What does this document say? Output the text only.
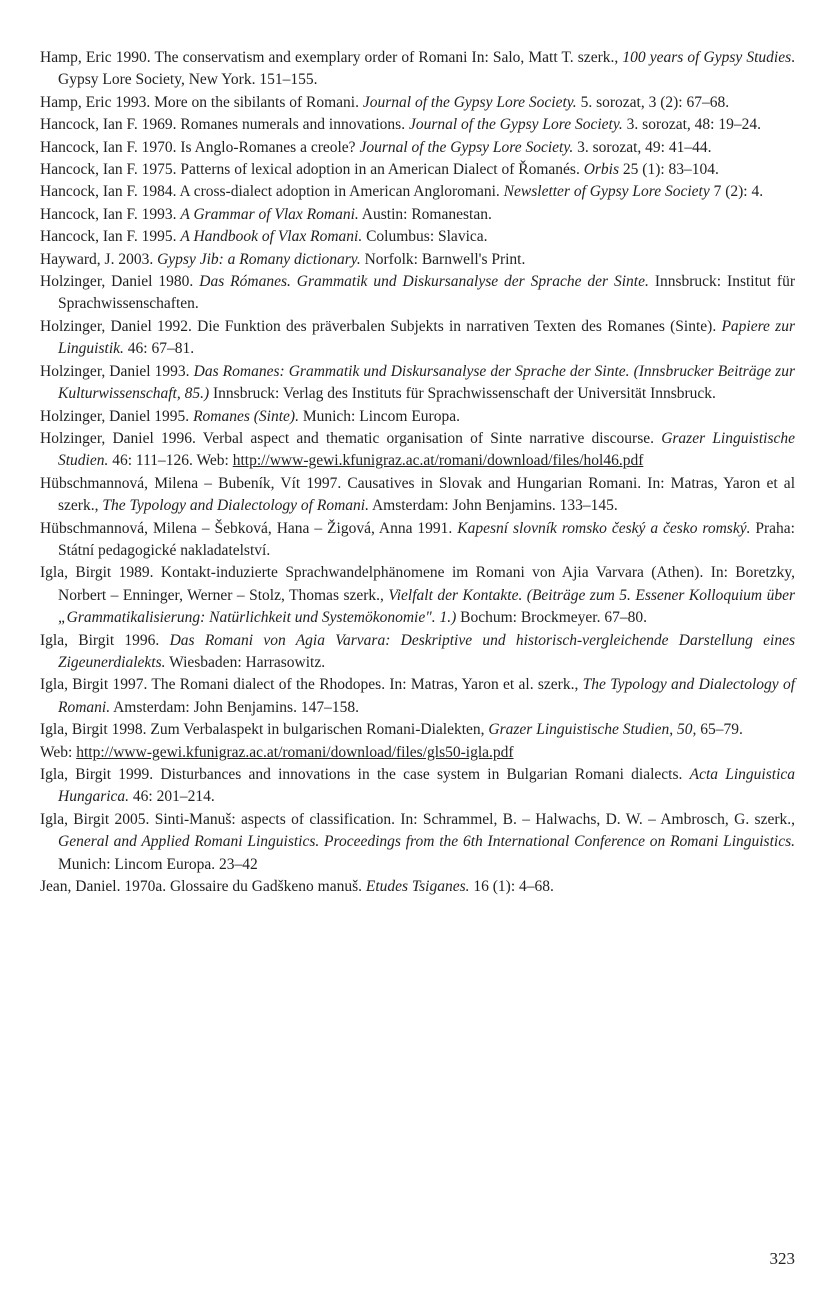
Hamp, Eric 1990. The conservatism and exemplary order of Romani In: Salo, Matt T. szerk., 100 years of Gypsy Studies. Gypsy Lore Society, New York. 151–155.

Hamp, Eric 1993. More on the sibilants of Romani. Journal of the Gypsy Lore Society. 5. sorozat, 3 (2): 67–68.

Hancock, Ian F. 1969. Romanes numerals and innovations. Journal of the Gypsy Lore Society. 3. sorozat, 48: 19–24.

Hancock, Ian F. 1970. Is Anglo-Romanes a creole? Journal of the Gypsy Lore Society. 3. sorozat, 49: 41–44.

Hancock, Ian F. 1975. Patterns of lexical adoption in an American Dialect of Řomanés. Orbis 25 (1): 83–104.

Hancock, Ian F. 1984. A cross-dialect adoption in American Angloromani. Newsletter of Gypsy Lore Society 7 (2): 4.

Hancock, Ian F. 1993. A Grammar of Vlax Romani. Austin: Romanestan.

Hancock, Ian F. 1995. A Handbook of Vlax Romani. Columbus: Slavica.

Hayward, J. 2003. Gypsy Jib: a Romany dictionary. Norfolk: Barnwell's Print.

Holzinger, Daniel 1980. Das Rómanes. Grammatik und Diskursanalyse der Sprache der Sinte. Innsbruck: Institut für Sprachwissenschaften.

Holzinger, Daniel 1992. Die Funktion des präverbalen Subjekts in narrativen Texten des Romanes (Sinte). Papiere zur Linguistik. 46: 67–81.

Holzinger, Daniel 1993. Das Romanes: Grammatik und Diskursanalyse der Sprache der Sinte. (Innsbrucker Beiträge zur Kulturwissenschaft, 85.) Innsbruck: Verlag des Instituts für Sprachwissenschaft der Universität Innsbruck.

Holzinger, Daniel 1995. Romanes (Sinte). Munich: Lincom Europa.

Holzinger, Daniel 1996. Verbal aspect and thematic organisation of Sinte narrative discourse. Grazer Linguistische Studien. 46: 111–126. Web: http://www-gewi.kfunigraz.ac.at/romani/download/files/hol46.pdf

Hübschmannová, Milena – Bubeník, Vít 1997. Causatives in Slovak and Hungarian Romani. In: Matras, Yaron et al szerk., The Typology and Dialectology of Romani. Amsterdam: John Benjamins. 133–145.

Hübschmannová, Milena – Šebková, Hana – Žigová, Anna 1991. Kapesní slovník romsko český a česko romský. Praha: Státní pedagogické nakladatelství.

Igla, Birgit 1989. Kontakt-induzierte Sprachwandelphänomene im Romani von Ajia Varvara (Athen). In: Boretzky, Norbert – Enninger, Werner – Stolz, Thomas szerk., Vielfalt der Kontakte. (Beiträge zum 5. Essener Kolloquium über „Grammatikalisierung: Natürlichkeit und Systemökonomie". 1.) Bochum: Brockmeyer. 67–80.

Igla, Birgit 1996. Das Romani von Agia Varvara: Deskriptive und historisch-vergleichende Darstellung eines Zigeunerdialekts. Wiesbaden: Harrasowitz.

Igla, Birgit 1997. The Romani dialect of the Rhodopes. In: Matras, Yaron et al. szerk., The Typology and Dialectology of Romani. Amsterdam: John Benjamins. 147–158.

Igla, Birgit 1998. Zum Verbalaspekt in bulgarischen Romani-Dialekten, Grazer Linguistische Studien, 50, 65–79.

Web: http://www-gewi.kfunigraz.ac.at/romani/download/files/gls50-igla.pdf

Igla, Birgit 1999. Disturbances and innovations in the case system in Bulgarian Romani dialects. Acta Linguistica Hungarica. 46: 201–214.

Igla, Birgit 2005. Sinti-Manuš: aspects of classification. In: Schrammel, B. – Halwachs, D. W. – Ambrosch, G. szerk., General and Applied Romani Linguistics. Proceedings from the 6th International Conference on Romani Linguistics. Munich: Lincom Europa. 23–42

Jean, Daniel. 1970a. Glossaire du Gadškeno manuš. Etudes Tsiganes. 16 (1): 4–68.

323
